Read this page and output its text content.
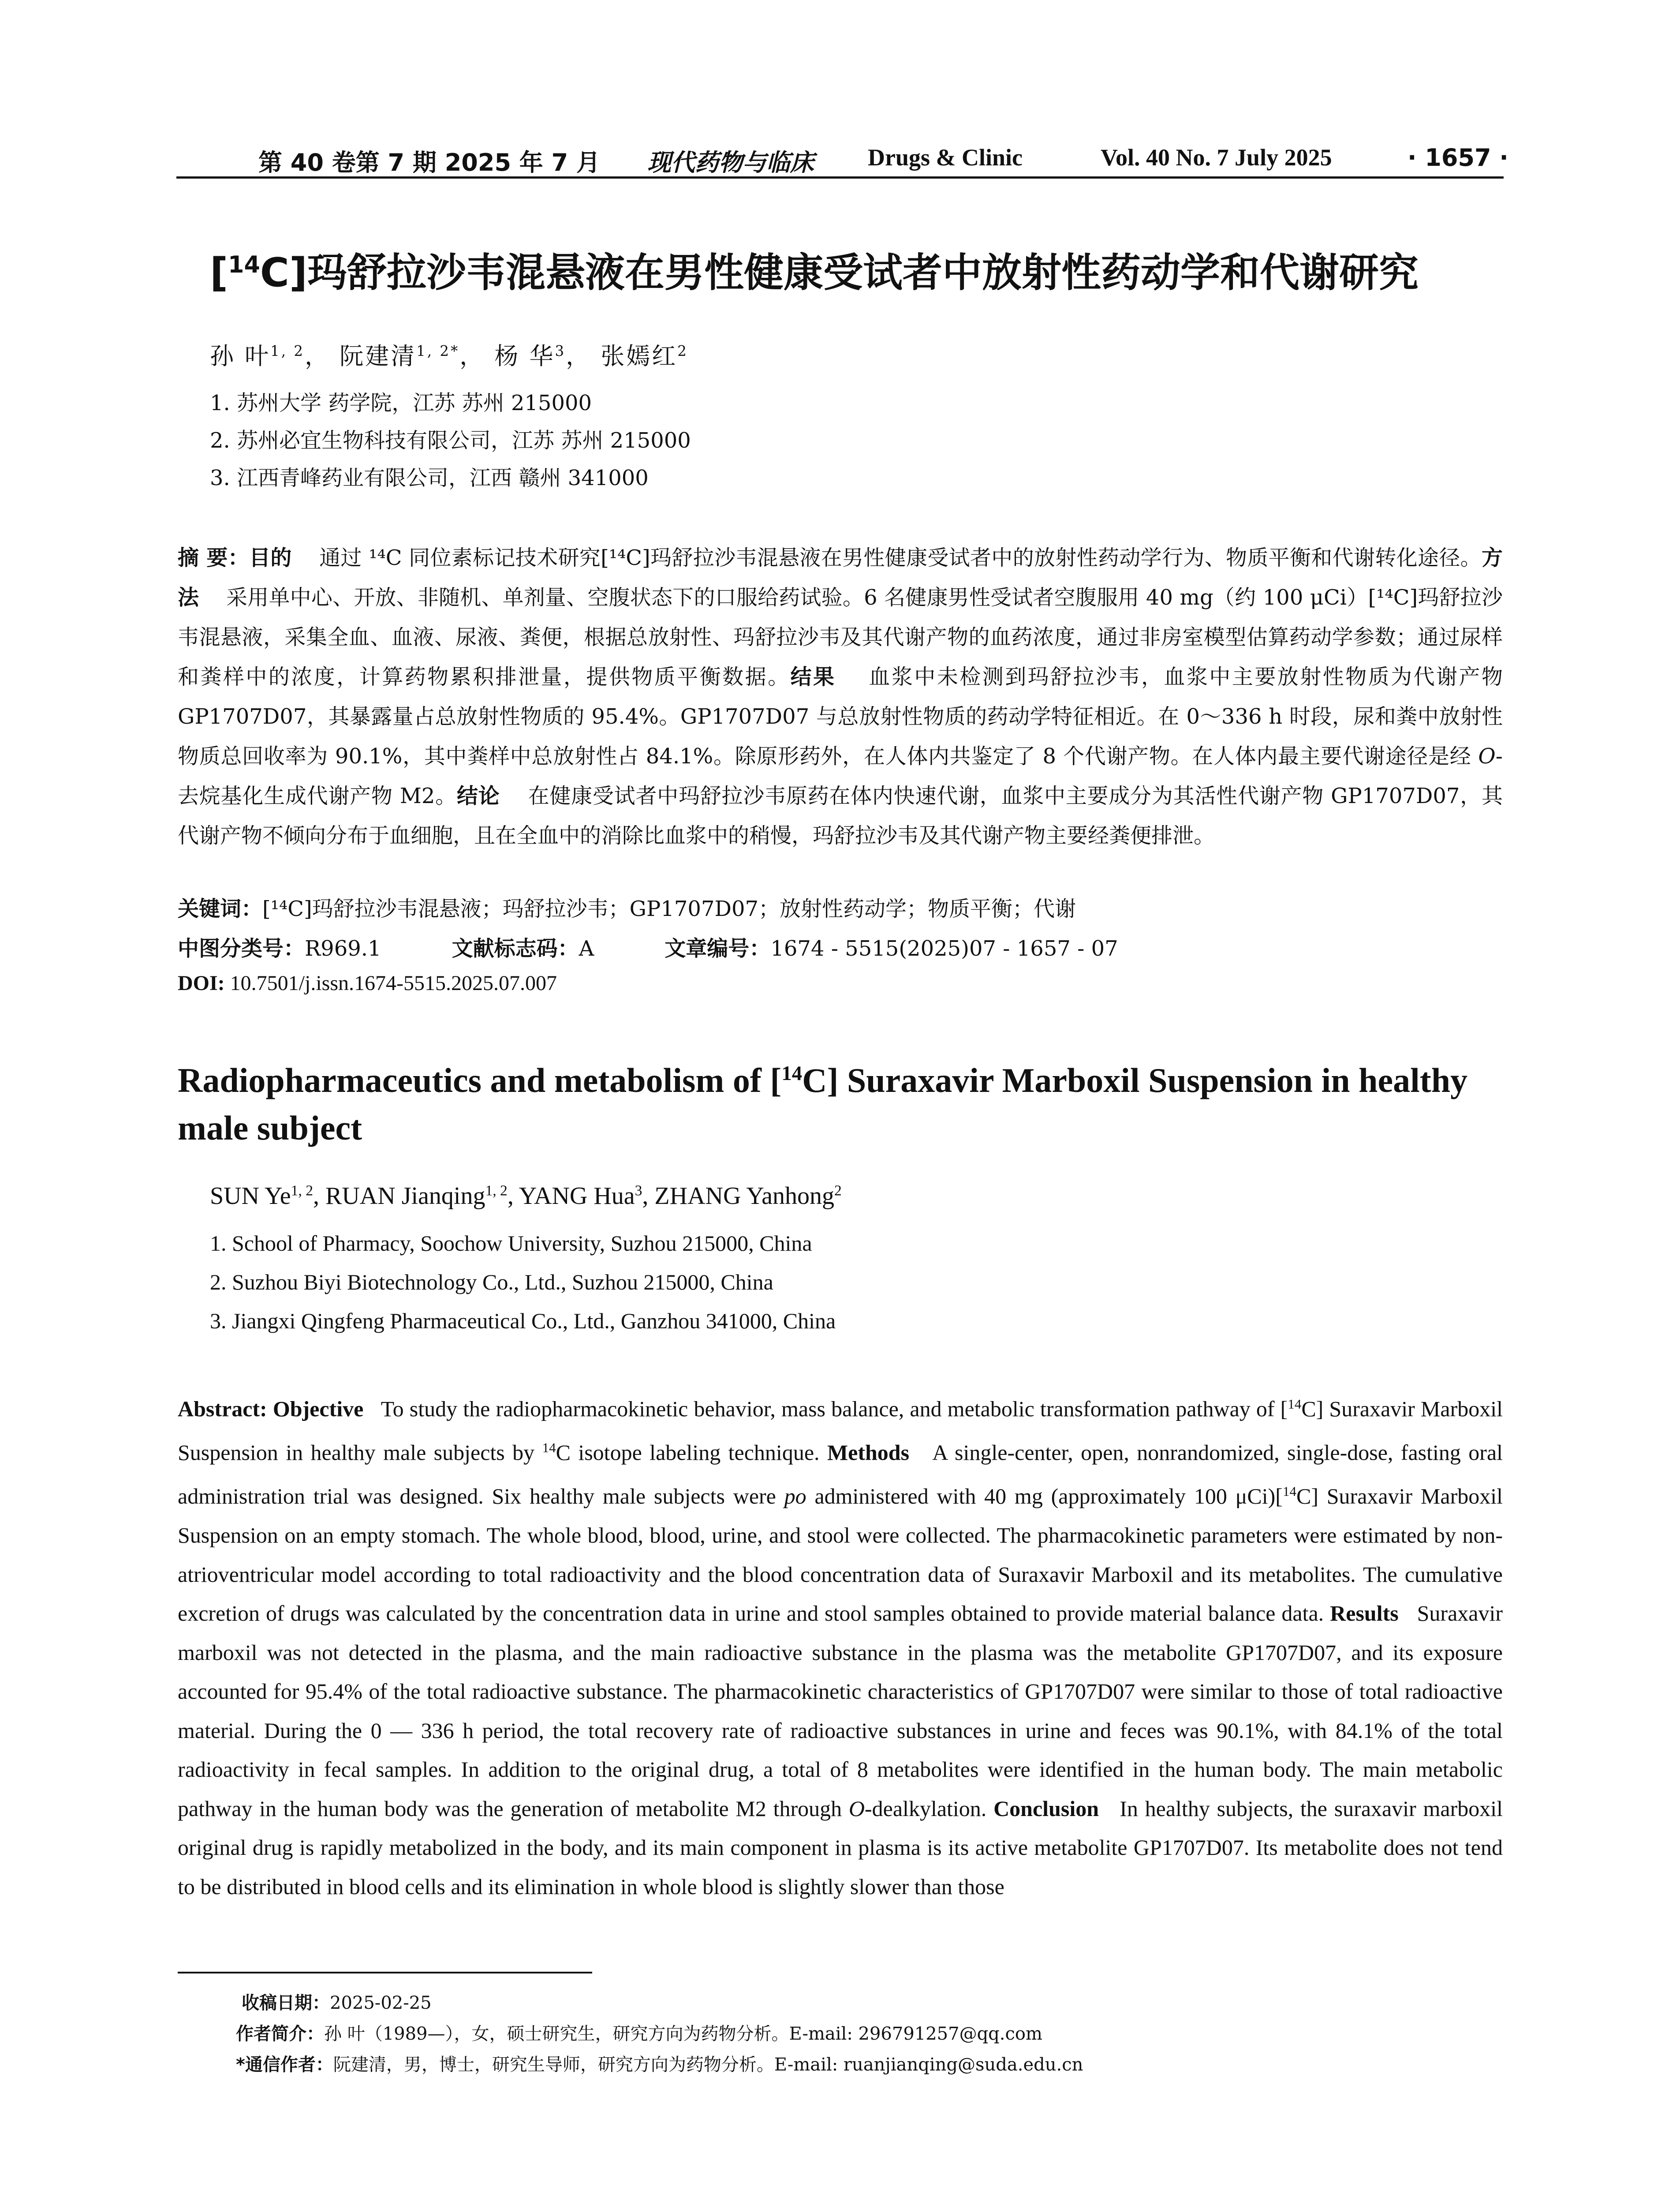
第 40 卷第 7 期 2025 年 7 月 现代药物与临床 Drugs & Clinic	Vol. 40 No. 7 July 2025	· 1657 ·
[$^{14}$C]玛舒拉沙韦混悬液在男性健康受试者中放射性药动学和代谢研究
孙 叶$^{1, 2}$， 阮建清$^{1, 2*}$， 杨 华$^3$， 张嫣红$^2$
1. 苏州大学 药学院，江苏 苏州 215000
2. 苏州必宜生物科技有限公司，江苏 苏州 215000
3. 江西青峰药业有限公司，江西 赣州 341000
摘 要：目的 通过 ¹⁴C 同位素标记技术研究[¹⁴C]玛舒拉沙韦混悬液在男性健康受试者中的放射性药动学行为、物质平衡和代谢转化途径。方法 采用单中心、开放、非随机、单剂量、空腹状态下的口服给药试验。6 名健康男性受试者空腹服用 40 mg（约 100 μCi）[¹⁴C]玛舒拉沙韦混悬液，采集全血、血液、尿液、粪便，根据总放射性、玛舒拉沙韦及其代谢产物的血药浓度，通过非房室模型估算药动学参数；通过尿样和粪样中的浓度，计算药物累积排泄量，提供物质平衡数据。结果 血浆中未检测到玛舒拉沙韦，血浆中主要放射性物质为代谢产物 GP1707D07，其暴露量占总放射性物质的 95.4%。GP1707D07 与总放射性物质的药动学特征相近。在 0～336 h 时段，尿和粪中放射性物质总回收率为 90.1%，其中粪样中总放射性占 84.1%。除原形药外，在人体内共鉴定了 8 个代谢产物。在人体内最主要代谢途径是经 O-去烷基化生成代谢产物 M2。结论 在健康受试者中玛舒拉沙韦原药在体内快速代谢，血浆中主要成分为其活性代谢产物 GP1707D07，其代谢产物不倾向分布于血细胞，且在全血中的消除比血浆中的稍慢，玛舒拉沙韦及其代谢产物主要经粪便排泄。
关键词：[¹⁴C]玛舒拉沙韦混悬液；玛舒拉沙韦；GP1707D07；放射性药动学；物质平衡；代谢
中图分类号：R969.1	文献标志码：A	文章编号：1674 - 5515(2025)07 - 1657 - 07
DOI: 10.7501/j.issn.1674-5515.2025.07.007
Radiopharmaceutics and metabolism of [$^{14}$C] Suraxavir Marboxil Suspension in healthy male subject
SUN Ye$^{1, 2}$, RUAN Jianqing$^{1, 2}$, YANG Hua$^3$, ZHANG Yanhong$^2$
1. School of Pharmacy, Soochow University, Suzhou 215000, China
2. Suzhou Biyi Biotechnology Co., Ltd., Suzhou 215000, China
3. Jiangxi Qingfeng Pharmaceutical Co., Ltd., Ganzhou 341000, China
Abstract: Objective To study the radiopharmacokinetic behavior, mass balance, and metabolic transformation pathway of [$^{14}$C] Suraxavir Marboxil Suspension in healthy male subjects by $^{14}$C isotope labeling technique. Methods A single-center, open, nonrandomized, single-dose, fasting oral administration trial was designed. Six healthy male subjects were po administered with 40 mg (approximately 100 μCi)[$^{14}$C] Suraxavir Marboxil Suspension on an empty stomach. The whole blood, blood, urine, and stool were collected. The pharmacokinetic parameters were estimated by non-atrioventricular model according to total radioactivity and the blood concentration data of Suraxavir Marboxil and its metabolites. The cumulative excretion of drugs was calculated by the concentration data in urine and stool samples obtained to provide material balance data. Results Suraxavir marboxil was not detected in the plasma, and the main radioactive substance in the plasma was the metabolite GP1707D07, and its exposure accounted for 95.4% of the total radioactive substance. The pharmacokinetic characteristics of GP1707D07 were similar to those of total radioactive material. During the 0 — 336 h period, the total recovery rate of radioactive substances in urine and feces was 90.1%, with 84.1% of the total radioactivity in fecal samples. In addition to the original drug, a total of 8 metabolites were identified in the human body. The main metabolic pathway in the human body was the generation of metabolite M2 through O-dealkylation. Conclusion In healthy subjects, the suraxavir marboxil original drug is rapidly metabolized in the body, and its main component in plasma is its active metabolite GP1707D07. Its metabolite does not tend to be distributed in blood cells and its elimination in whole blood is slightly slower than those
收稿日期：2025-02-25
作者简介：孙 叶（1989—），女，硕士研究生，研究方向为药物分析。E-mail: 296791257@qq.com
*通信作者：阮建清，男，博士，研究生导师，研究方向为药物分析。E-mail: ruanjianqing@suda.edu.cn
